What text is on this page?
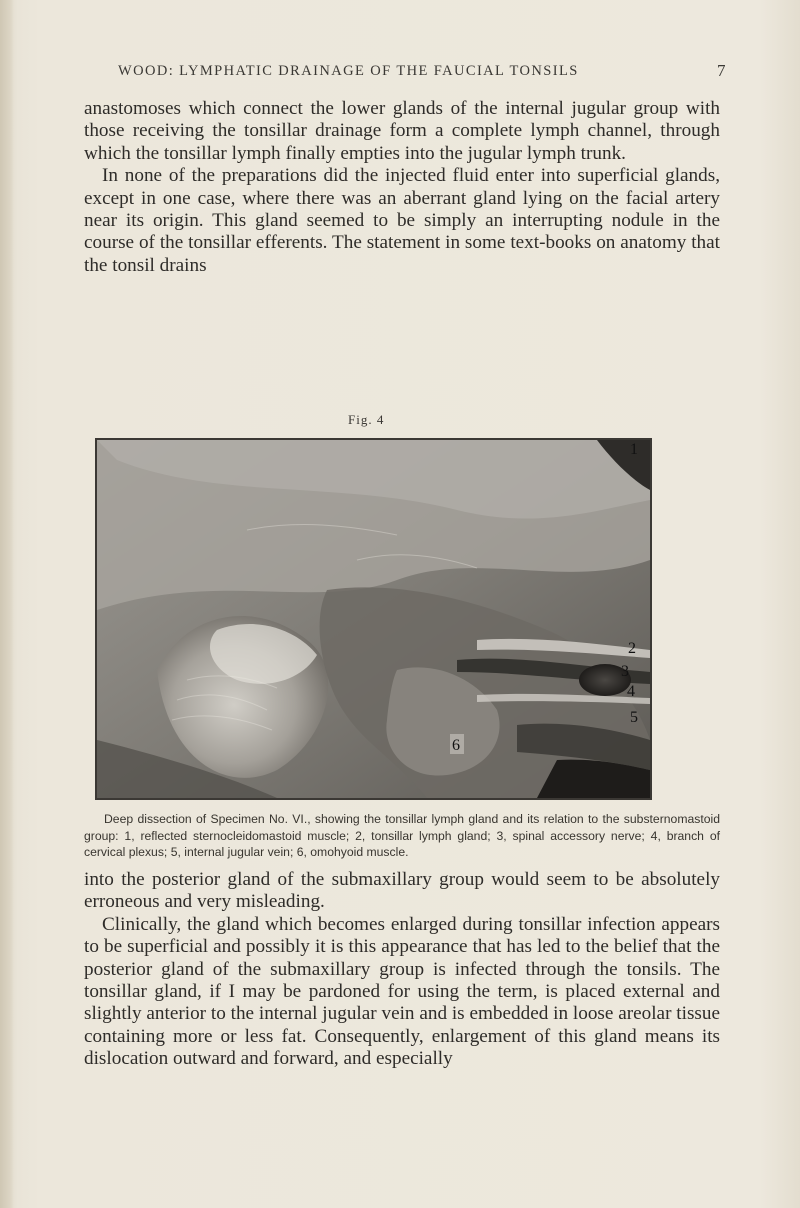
WOOD: LYMPHATIC DRAINAGE OF THE FAUCIAL TONSILS	7

anastomoses which connect the lower glands of the internal jugular group with those receiving the tonsillar drainage form a complete lymph channel, through which the tonsillar lymph finally empties into the jugular lymph trunk.

In none of the preparations did the injected fluid enter into superficial glands, except in one case, where there was an aberrant gland lying on the facial artery near its origin. This gland seemed to be simply an interrupting nodule in the course of the tonsillar efferents. The statement in some text-books on anatomy that the tonsil drains

Fig. 4
1
2
3
4
5
6

Deep dissection of Specimen No. VI., showing the tonsillar lymph gland and its relation to the substernomastoid group: 1, reflected sternocleidomastoid muscle; 2, tonsillar lymph gland; 3, spinal accessory nerve; 4, branch of cervical plexus; 5, internal jugular vein; 6, omohyoid muscle.

into the posterior gland of the submaxillary group would seem to be absolutely erroneous and very misleading.

Clinically, the gland which becomes enlarged during tonsillar infection appears to be superficial and possibly it is this appearance that has led to the belief that the posterior gland of the submaxillary group is infected through the tonsils. The tonsillar gland, if I may be pardoned for using the term, is placed external and slightly anterior to the internal jugular vein and is embedded in loose areolar tissue containing more or less fat. Consequently, enlargement of this gland means its dislocation outward and forward, and especially
